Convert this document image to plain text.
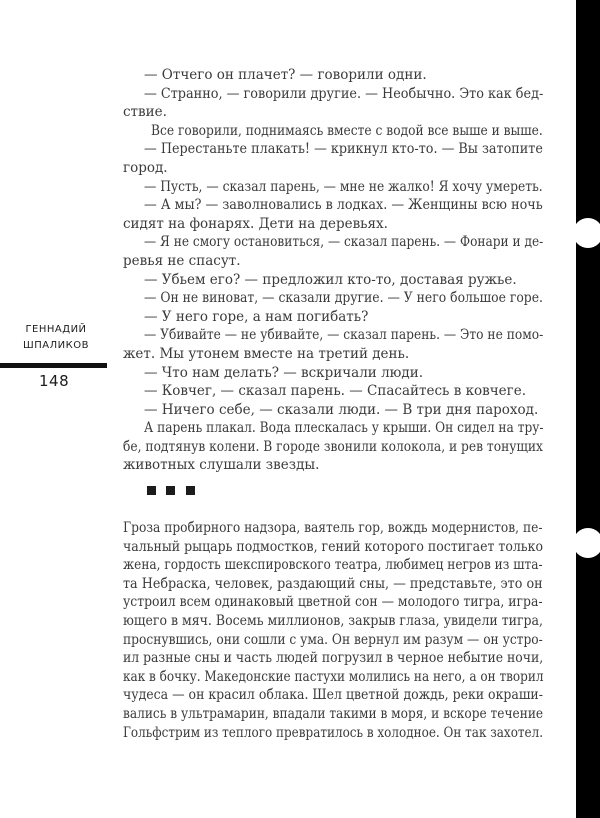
ГЕННАДИЙ
ШПАЛИКОВ
148

— Отчего он плачет? — говорили одни.

— Странно, — говорили другие. — Необычно. Это как бед-

ствие.

Все говорили, поднимаясь вместе с водой все выше и выше.

— Перестаньте плакать! — крикнул кто-то. — Вы затопите

город.

— Пусть, — сказал парень, — мне не жалко! Я хочу умереть.

— А мы? — заволновались в лодках. — Женщины всю ночь

сидят на фонарях. Дети на деревьях.

— Я не смогу остановиться, — сказал парень. — Фонари и де-

ревья не спасут.

— Убьем его? — предложил кто-то, доставая ружье.

— Он не виноват, — сказали другие. — У него большое горе.

— У него горе, а нам погибать?

— Убивайте — не убивайте, — сказал парень. — Это не помо-

жет. Мы утонем вместе на третий день.

— Что нам делать? — вскричали люди.

— Ковчег, — сказал парень. — Спасайтесь в ковчеге.

— Ничего себе, — сказали люди. — В три дня пароход.

А парень плакал. Вода плескалась у крыши. Он сидел на тру-

бе, подтянув колени. В городе звонили колокола, и рев тонущих

животных слушали звезды.

Гроза пробирного надзора, ваятель гор, вождь модернистов, пе-

чальный рыцарь подмостков, гений которого постигает только

жена, гордость шекспировского театра, любимец негров из шта-

та Небраска, человек, раздающий сны, — представьте, это он

устроил всем одинаковый цветной сон — молодого тигра, игра-

ющего в мяч. Восемь миллионов, закрыв глаза, увидели тигра,

проснувшись, они сошли с ума. Он вернул им разум — он устро-

ил разные сны и часть людей погрузил в черное небытие ночи,

как в бочку. Македонские пастухи молились на него, а он творил

чудеса — он красил облака. Шел цветной дождь, реки окраши-

вались в ультрамарин, впадали такими в моря, и вскоре течение

Гольфстрим из теплого превратилось в холодное. Он так захотел.
